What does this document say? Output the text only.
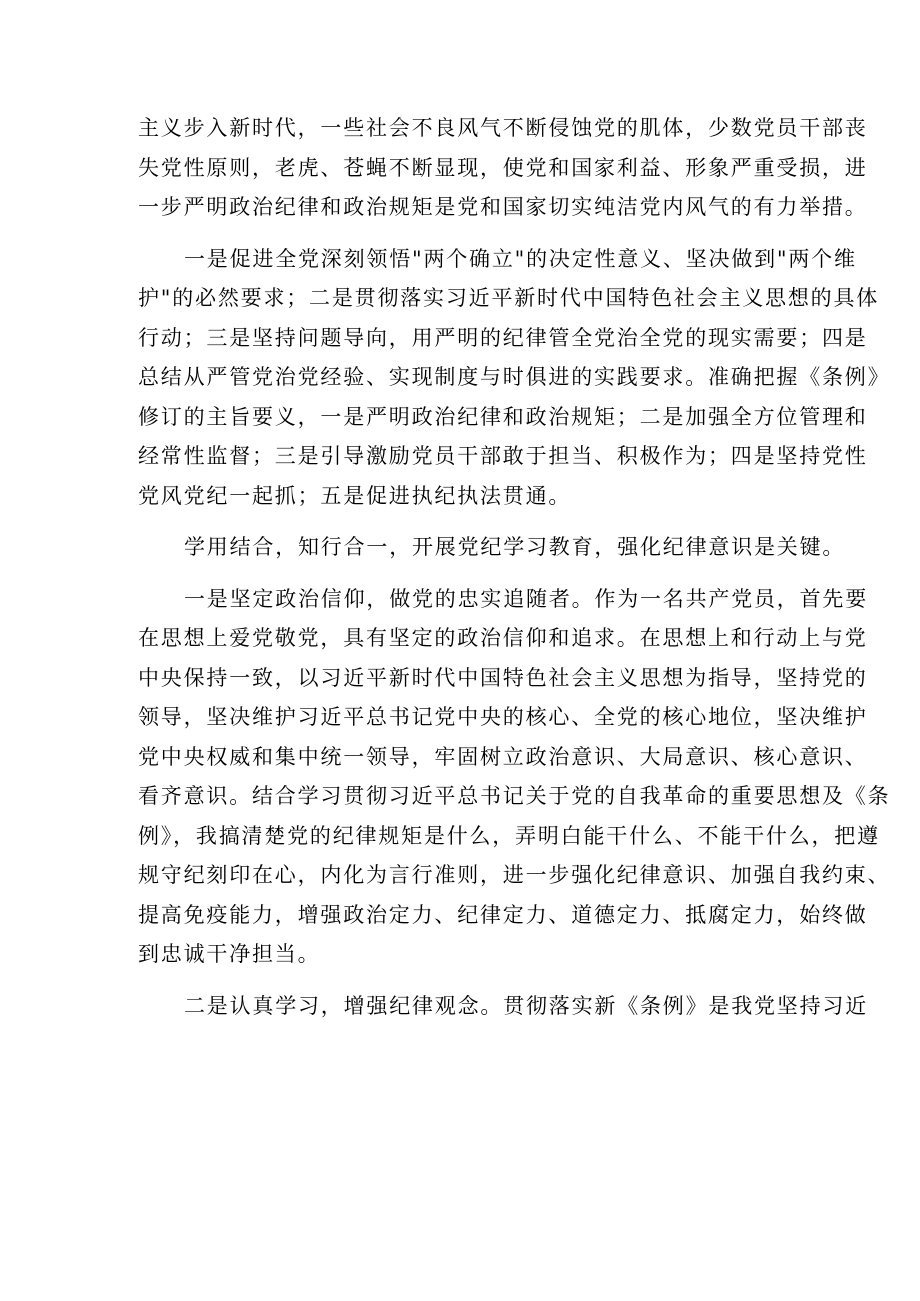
主义步入新时代，一些社会不良风气不断侵蚀党的肌体，少数党员干部丧
失党性原则，老虎、苍蝇不断显现，使党和国家利益、形象严重受损，进
一步严明政治纪律和政治规矩是党和国家切实纯洁党内风气的有力举措。
一是促进全党深刻领悟"两个确立"的决定性意义、坚决做到"两个维
护"的必然要求；二是贯彻落实习近平新时代中国特色社会主义思想的具体
行动；三是坚持问题导向，用严明的纪律管全党治全党的现实需要；四是
总结从严管党治党经验、实现制度与时俱进的实践要求。准确把握《条例》
修订的主旨要义，一是严明政治纪律和政治规矩；二是加强全方位管理和
经常性监督；三是引导激励党员干部敢于担当、积极作为；四是坚持党性
党风党纪一起抓；五是促进执纪执法贯通。
学用结合，知行合一，开展党纪学习教育，强化纪律意识是关键。
一是坚定政治信仰，做党的忠实追随者。作为一名共产党员，首先要
在思想上爱党敬党，具有坚定的政治信仰和追求。在思想上和行动上与党
中央保持一致，以习近平新时代中国特色社会主义思想为指导，坚持党的
领导，坚决维护习近平总书记党中央的核心、全党的核心地位，坚决维护
党中央权威和集中统一领导，牢固树立政治意识、大局意识、核心意识、
看齐意识。结合学习贯彻习近平总书记关于党的自我革命的重要思想及《条
例》，我搞清楚党的纪律规矩是什么，弄明白能干什么、不能干什么，把遵
规守纪刻印在心，内化为言行准则，进一步强化纪律意识、加强自我约束、
提高免疫能力，增强政治定力、纪律定力、道德定力、抵腐定力，始终做
到忠诚干净担当。
二是认真学习，增强纪律观念。贯彻落实新《条例》是我党坚持习近
